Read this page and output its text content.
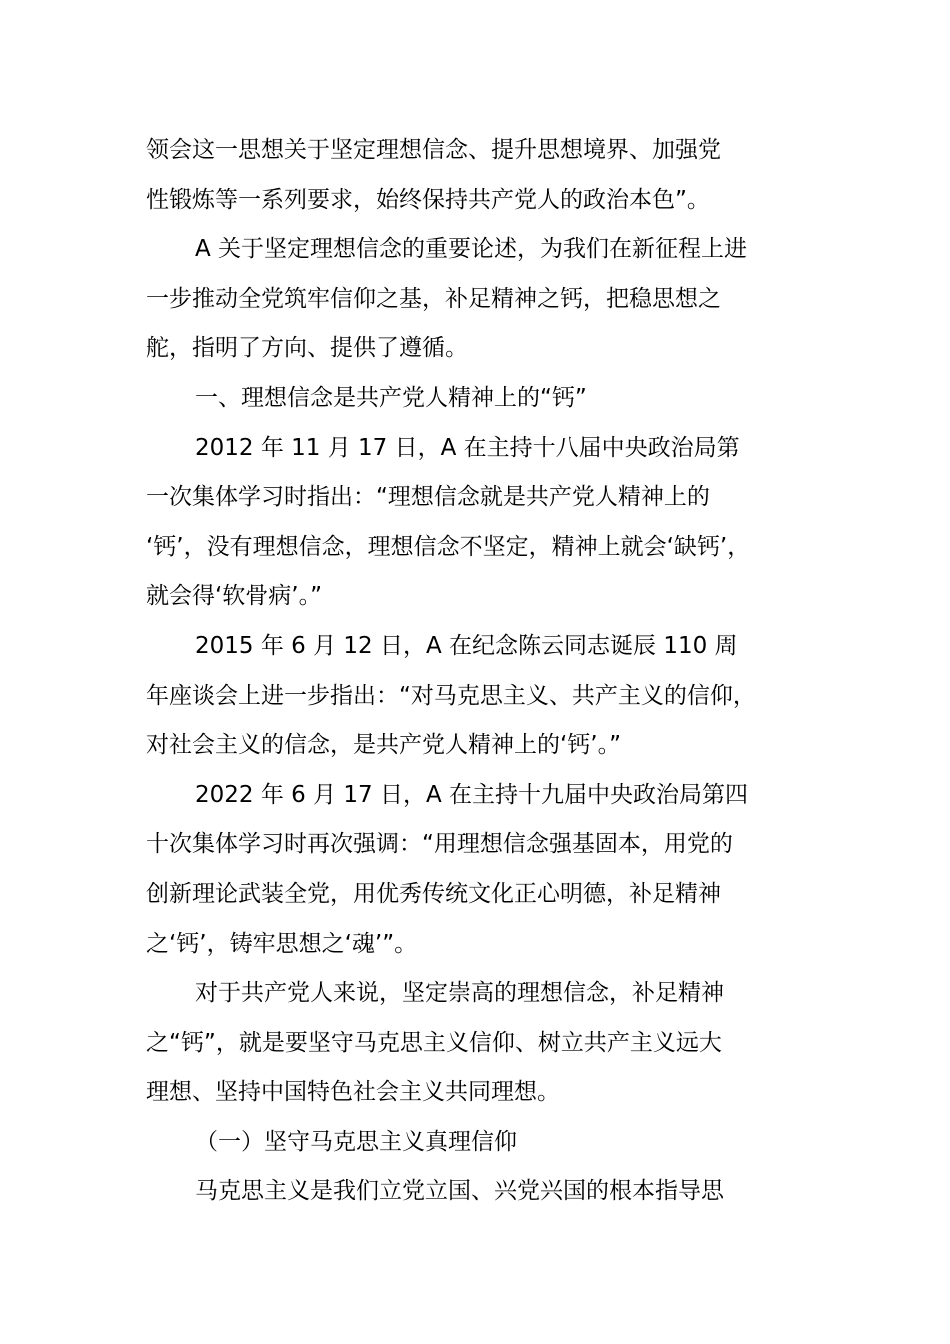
领会这一思想关于坚定理想信念、提升思想境界、加强党
性锻炼等一系列要求，始终保持共产党人的政治本色”。
A 关于坚定理想信念的重要论述，为我们在新征程上进
一步推动全党筑牢信仰之基，补足精神之钙，把稳思想之
舵，指明了方向、提供了遵循。
一、理想信念是共产党人精神上的“钙”
2012 年 11 月 17 日，A 在主持十八届中央政治局第
一次集体学习时指出：“理想信念就是共产党人精神上的
‘钙’，没有理想信念，理想信念不坚定，精神上就会‘缺钙’，
就会得‘软骨病’。”
2015 年 6 月 12 日，A 在纪念陈云同志诞辰 110 周
年座谈会上进一步指出：“对马克思主义、共产主义的信仰，
对社会主义的信念，是共产党人精神上的‘钙’。”
2022 年 6 月 17 日，A 在主持十九届中央政治局第四
十次集体学习时再次强调：“用理想信念强基固本，用党的
创新理论武装全党，用优秀传统文化正心明德，补足精神
之‘钙’，铸牢思想之‘魂’”。
对于共产党人来说，坚定崇高的理想信念，补足精神
之“钙”，就是要坚守马克思主义信仰、树立共产主义远大
理想、坚持中国特色社会主义共同理想。
（一）坚守马克思主义真理信仰
马克思主义是我们立党立国、兴党兴国的根本指导思
